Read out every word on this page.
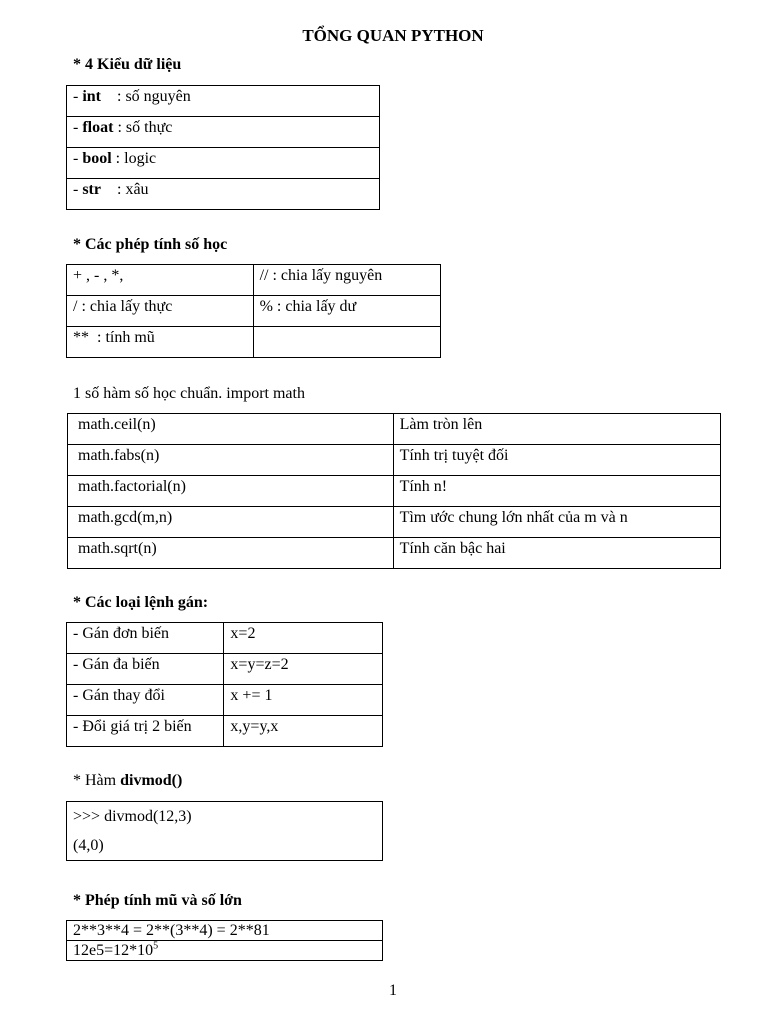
TỔNG QUAN PYTHON
* 4 Kiểu dữ liệu
- int    : số nguyên
- float : số thực
- bool : logic
- str    : xâu
* Các phép tính số học
+ , - , *,	// : chia lấy nguyên
/ : chia lấy thực	% : chia lấy dư
**  : tính mũ	
1 số hàm số học chuẩn. import math
math.ceil(n)	Làm tròn lên
math.fabs(n)	Tính trị tuyệt đối
math.factorial(n)	Tính n!
math.gcd(m,n)	Tìm ước chung lớn nhất của m và n
math.sqrt(n)	Tính căn bậc hai
* Các loại lệnh gán:
- Gán đơn biến	x=2
- Gán đa biến	x=y=z=2
- Gán thay đổi	x += 1
- Đổi giá trị 2 biến	x,y=y,x
* Hàm divmod()
>>> divmod(12,3)
(4,0)
* Phép tính mũ và số lớn
2**3**4 = 2**(3**4) = 2**81
$12e5=12*10^5$
1
